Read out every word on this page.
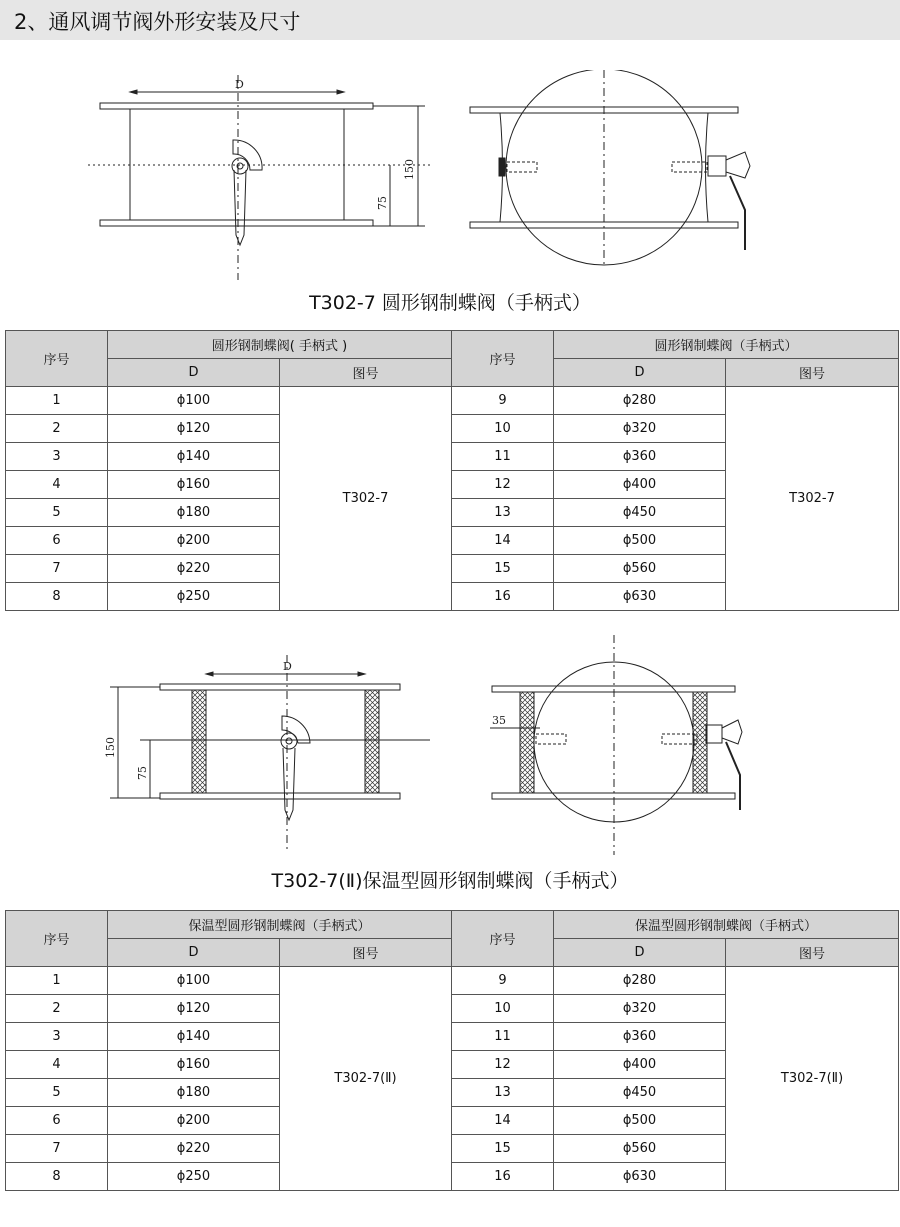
2、通风调节阀外形安装及尺寸
D
150
75
T302-7 圆形钢制蝶阀（手柄式）
序号	圆形钢制蝶阀( 手柄式 )		序号	圆形钢制蝶阀（手柄式）	
	D	图号		D	图号
1	ϕ 100	T302-7	9	ϕ 280	T302-7
2	ϕ 120		10	ϕ 320
3	ϕ 140		11	ϕ 360
4	ϕ 160		12	ϕ 400
5	ϕ 180		13	ϕ 450
6	ϕ 200		14	ϕ 500
7	ϕ 220		15	ϕ 560
8	ϕ 250		16	ϕ 630
D
150
75
35
T302-7(Ⅱ)保温型圆形钢制蝶阀（手柄式）
序号	保温型圆形钢制蝶阀（手柄式）		序号	保温型圆形钢制蝶阀（手柄式）	
	D	图号		D	图号
1	ϕ 100	T302-7(Ⅱ)	9	ϕ 280	T302-7(Ⅱ)
2	ϕ 120		10	ϕ 320
3	ϕ 140		11	ϕ 360
4	ϕ 160		12	ϕ 400
5	ϕ 180		13	ϕ 450
6	ϕ 200		14	ϕ 500
7	ϕ 220		15	ϕ 560
8	ϕ 250		16	ϕ 630
